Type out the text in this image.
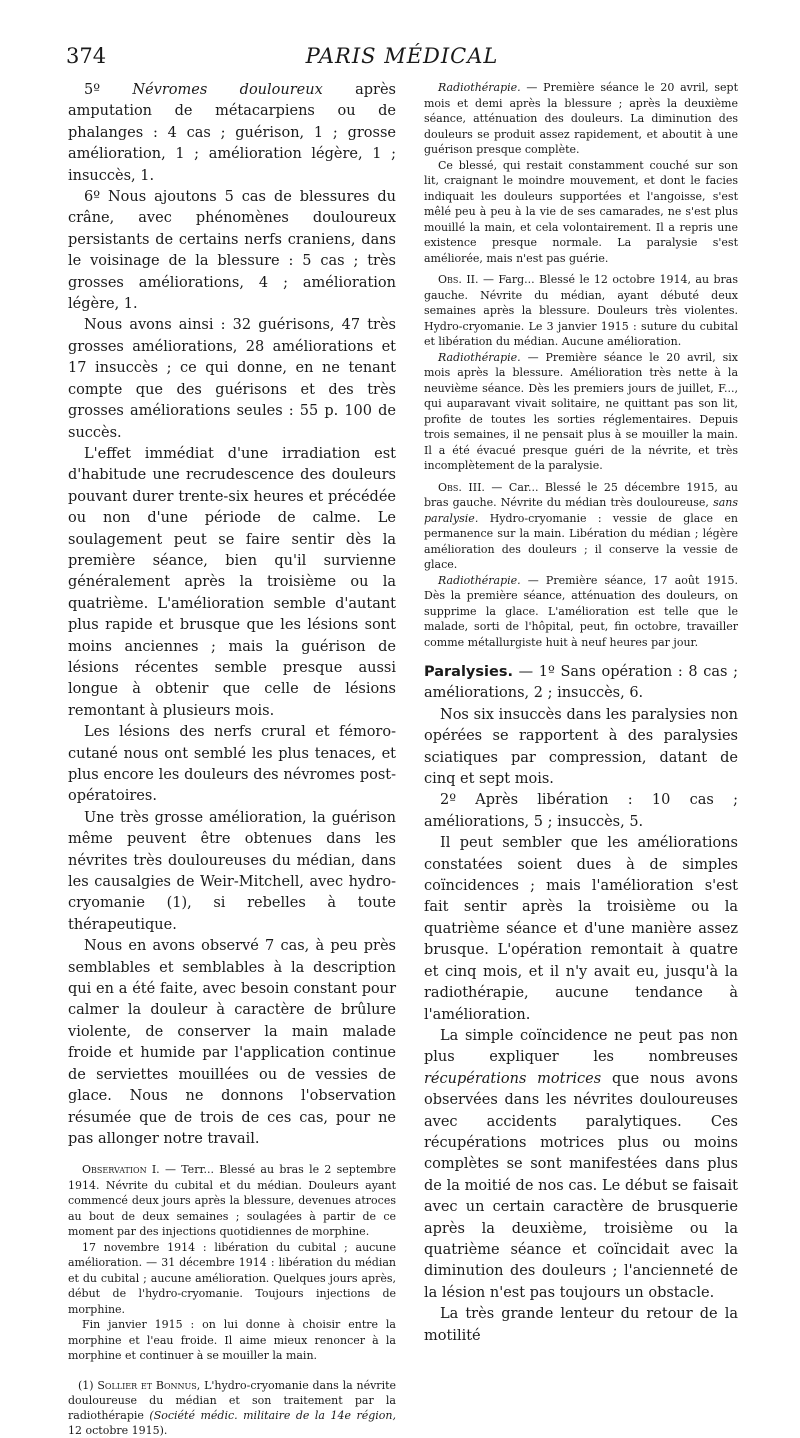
374	PARIS MÉDICAL

5º Névromes douloureux après amputation de métacarpiens ou de phalanges : 4 cas ; guérison, 1 ; grosse amélioration, 1 ; amélioration légère, 1 ; insuccès, 1.

6º Nous ajoutons 5 cas de blessures du crâne, avec phénomènes douloureux persistants de certains nerfs craniens, dans le voisinage de la blessure : 5 cas ; très grosses améliorations, 4 ; amélioration légère, 1.

Nous avons ainsi : 32 guérisons, 47 très grosses améliorations, 28 améliorations et 17 insuccès ; ce qui donne, en ne tenant compte que des guérisons et des très grosses améliorations seules : 55 p. 100 de succès.

L'effet immédiat d'une irradiation est d'habitude une recrudescence des douleurs pouvant durer trente-six heures et précédée ou non d'une période de calme. Le soulagement peut se faire sentir dès la première séance, bien qu'il survienne généralement après la troisième ou la quatrième. L'amélioration semble d'autant plus rapide et brusque que les lésions sont moins anciennes ; mais la guérison de lésions récentes semble presque aussi longue à obtenir que celle de lésions remontant à plusieurs mois.

Les lésions des nerfs crural et fémoro-cutané nous ont semblé les plus tenaces, et plus encore les douleurs des névromes post-opératoires.

Une très grosse amélioration, la guérison même peuvent être obtenues dans les névrites très douloureuses du médian, dans les causalgies de Weir-Mitchell, avec hydro-cryomanie (1), si rebelles à toute thérapeutique.

Nous en avons observé 7 cas, à peu près semblables et semblables à la description qui en a été faite, avec besoin constant pour calmer la douleur à caractère de brûlure violente, de conserver la main malade froide et humide par l'application continue de serviettes mouillées ou de vessies de glace. Nous ne donnons l'observation résumée que de trois de ces cas, pour ne pas allonger notre travail.

Observation I. — Terr... Blessé au bras le 2 septembre 1914. Névrite du cubital et du médian. Douleurs ayant commencé deux jours après la blessure, devenues atroces au bout de deux semaines ; soulagées à partir de ce moment par des injections quotidiennes de morphine.

17 novembre 1914 : libération du cubital ; aucune amélioration. — 31 décembre 1914 : libération du médian et du cubital ; aucune amélioration. Quelques jours après, début de l'hydro-cryomanie. Toujours injections de morphine.

Fin janvier 1915 : on lui donne à choisir entre la morphine et l'eau froide. Il aime mieux renoncer à la morphine et continuer à se mouiller la main.

(1) Sollier et Bonnus, L'hydro-cryomanie dans la névrite douloureuse du médian et son traitement par la radiothérapie (Société médic. militaire de la 14e région, 12 octobre 1915).

Radiothérapie. — Première séance le 20 avril, sept mois et demi après la blessure ; après la deuxième séance, atténuation des douleurs. La diminution des douleurs se produit assez rapidement, et aboutit à une guérison presque complète.

Ce blessé, qui restait constamment couché sur son lit, craignant le moindre mouvement, et dont le facies indiquait les douleurs supportées et l'angoisse, s'est mêlé peu à peu à la vie de ses camarades, ne s'est plus mouillé la main, et cela volontairement. Il a repris une existence presque normale. La paralysie s'est améliorée, mais n'est pas guérie.

Obs. II. — Farg... Blessé le 12 octobre 1914, au bras gauche. Névrite du médian, ayant débuté deux semaines après la blessure. Douleurs très violentes. Hydro-cryomanie. Le 3 janvier 1915 : suture du cubital et libération du médian. Aucune amélioration.

Radiothérapie. — Première séance le 20 avril, six mois après la blessure. Amélioration très nette à la neuvième séance. Dès les premiers jours de juillet, F..., qui auparavant vivait solitaire, ne quittant pas son lit, profite de toutes les sorties réglementaires. Depuis trois semaines, il ne pensait plus à se mouiller la main. Il a été évacué presque guéri de la névrite, et très incomplètement de la paralysie.

Obs. III. — Car... Blessé le 25 décembre 1915, au bras gauche. Névrite du médian très douloureuse, sans paralysie. Hydro-cryomanie : vessie de glace en permanence sur la main. Libération du médian ; légère amélioration des douleurs ; il conserve la vessie de glace.

Radiothérapie. — Première séance, 17 août 1915. Dès la première séance, atténuation des douleurs, on supprime la glace. L'amélioration est telle que le malade, sorti de l'hôpital, peut, fin octobre, travailler comme métallurgiste huit à neuf heures par jour.

Paralysies. — 1º Sans opération : 8 cas ; améliorations, 2 ; insuccès, 6.

Nos six insuccès dans les paralysies non opérées se rapportent à des paralysies sciatiques par compression, datant de cinq et sept mois.

2º Après libération : 10 cas ; améliorations, 5 ; insuccès, 5.

Il peut sembler que les améliorations constatées soient dues à de simples coïncidences ; mais l'amélioration s'est fait sentir après la troisième ou la quatrième séance et d'une manière assez brusque. L'opération remontait à quatre et cinq mois, et il n'y avait eu, jusqu'à la radiothérapie, aucune tendance à l'amélioration.

La simple coïncidence ne peut pas non plus expliquer les nombreuses récupérations motrices que nous avons observées dans les névrites douloureuses avec accidents paralytiques. Ces récupérations motrices plus ou moins complètes se sont manifestées dans plus de la moitié de nos cas. Le début se faisait avec un certain caractère de brusquerie après la deuxième, troisième ou la quatrième séance et coïncidait avec la diminution des douleurs ; l'ancienneté de la lésion n'est pas toujours un obstacle.

La très grande lenteur du retour de la motilité
